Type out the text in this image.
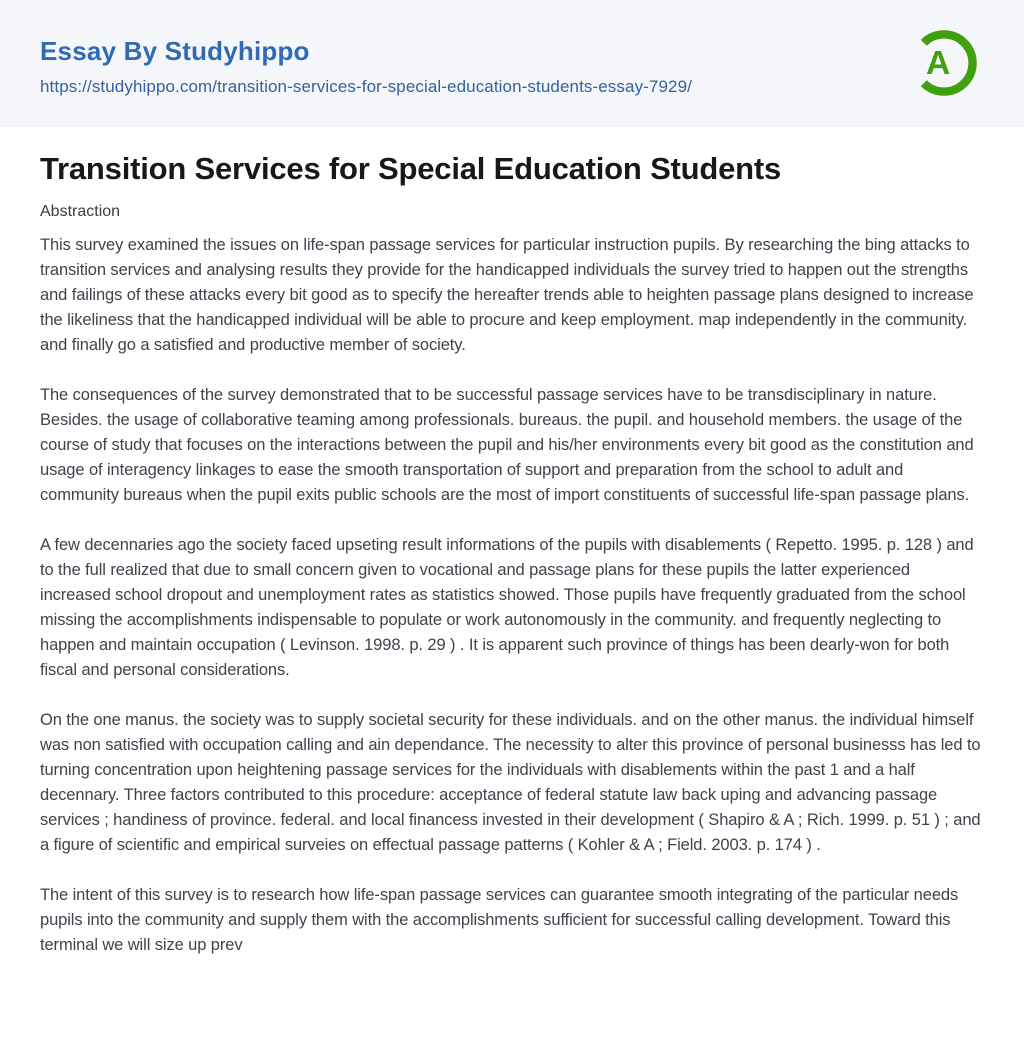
Essay By Studyhippo
https://studyhippo.com/transition-services-for-special-education-students-essay-7929/
A
Transition Services for Special Education Students
Abstraction

This survey examined the issues on life-span passage services for particular instruction pupils. By researching the bing attacks to transition services and analysing results they provide for the handicapped individuals the survey tried to happen out the strengths and failings of these attacks every bit good as to specify the hereafter trends able to heighten passage plans designed to increase the likeliness that the handicapped individual will be able to procure and keep employment. map independently in the community. and finally go a satisfied and productive member of society.

The consequences of the survey demonstrated that to be successful passage services have to be transdisciplinary in nature. Besides. the usage of collaborative teaming among professionals. bureaus. the pupil. and household members. the usage of the course of study that focuses on the interactions between the pupil and his/her environments every bit good as the constitution and usage of interagency linkages to ease the smooth transportation of support and preparation from the school to adult and community bureaus when the pupil exits public schools are the most of import constituents of successful life-span passage plans.

A few decennaries ago the society faced upseting result informations of the pupils with disablements ( Repetto. 1995. p. 128 ) and to the full realized that due to small concern given to vocational and passage plans for these pupils the latter experienced increased school dropout and unemployment rates as statistics showed. Those pupils have frequently graduated from the school missing the accomplishments indispensable to populate or work autonomously in the community. and frequently neglecting to happen and maintain occupation ( Levinson. 1998. p. 29 ) . It is apparent such province of things has been dearly-won for both fiscal and personal considerations.

On the one manus. the society was to supply societal security for these individuals. and on the other manus. the individual himself was non satisfied with occupation calling and ain dependance. The necessity to alter this province of personal businesss has led to turning concentration upon heightening passage services for the individuals with disablements within the past 1 and a half decennary. Three factors contributed to this procedure: acceptance of federal statute law back uping and advancing passage services ; handiness of province. federal. and local financess invested in their development ( Shapiro & A ; Rich. 1999. p. 51 ) ; and a figure of scientific and empirical surveies on effectual passage patterns ( Kohler & A ; Field. 2003. p. 174 ) .

The intent of this survey is to research how life-span passage services can guarantee smooth integrating of the particular needs pupils into the community and supply them with the accomplishments sufficient for successful calling development. Toward this terminal we will size up prev
